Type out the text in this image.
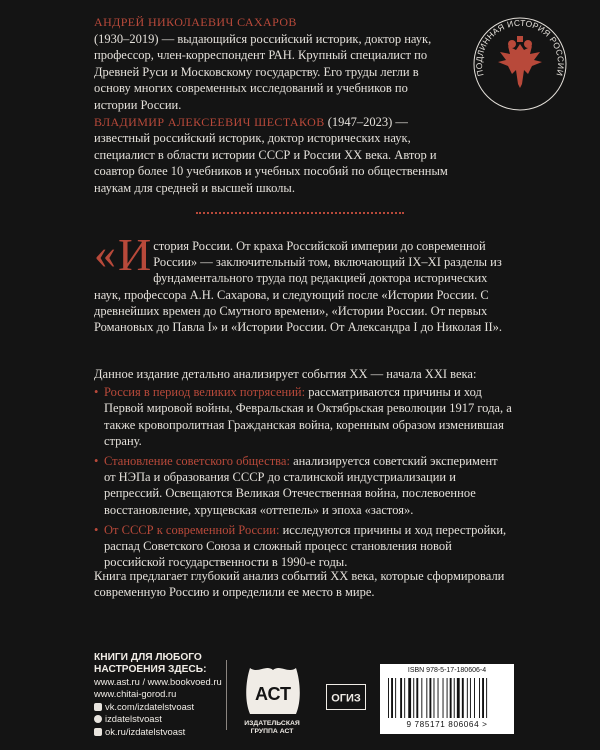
АНДРЕЙ НИКОЛАЕВИЧ САХАРОВ
(1930–2019) — выдающийся российский историк, доктор наук, профессор, член-корреспондент РАН. Крупный специалист по Древней Руси и Московскому государству. Его труды легли в основу многих современных исследований и учебников по истории России.
ВЛАДИМИР АЛЕКСЕЕВИЧ ШЕСТАКОВ (1947–2023) — известный российский историк, доктор исторических наук, специалист в области истории СССР и России XX века. Автор и соавтор более 10 учебников и учебных пособий по общественным наукам для средней и высшей школы.
ПОДЛИННАЯ ИСТОРИЯ РОССИИ
« И стория России. От краха Российской империи до современной России» — заключительный том, включающий IX–XI разделы из фундаментального труда под редакцией доктора исторических наук, профессора А.Н. Сахарова, и следующий после «Истории России. С древнейших времен до Смутного времени», «Истории России. От первых Романовых до Павла I» и «Истории России. От Александра I до Николая II».
Данное издание детально анализирует события XX — начала XXI века:
• Россия в период великих потрясений: рассматриваются причины и ход Первой мировой войны, Февральская и Октябрьская революции 1917 года, а также кровопролитная Гражданская война, коренным образом изменившая страну.
• Становление советского общества: анализируется советский эксперимент от НЭПа и образования СССР до сталинской индустриализации и репрессий. Освещаются Великая Отечественная война, послевоенное восстановление, хрущевская «оттепель» и эпоха «застоя».
• От СССР к современной России: исследуются причины и ход перестройки, распад Советского Союза и сложный процесс становления новой российской государственности в 1990-е годы.
Книга предлагает глубокий анализ событий XX века, которые сформировали современную Россию и определили ее место в мире.
КНИГИ ДЛЯ ЛЮБОГО
НАСТРОЕНИЯ ЗДЕСЬ:
www.ast.ru / www.bookvoed.ru
www.chitai-gorod.ru
vk.com/izdatelstvoast
izdatelstvoast
ok.ru/izdatelstvoast
АСТ
ИЗДАТЕЛЬСКАЯ
ГРУППА АСТ
ОГИЗ
ISBN 978-5-17-180606-4
9 785171 806064 >
